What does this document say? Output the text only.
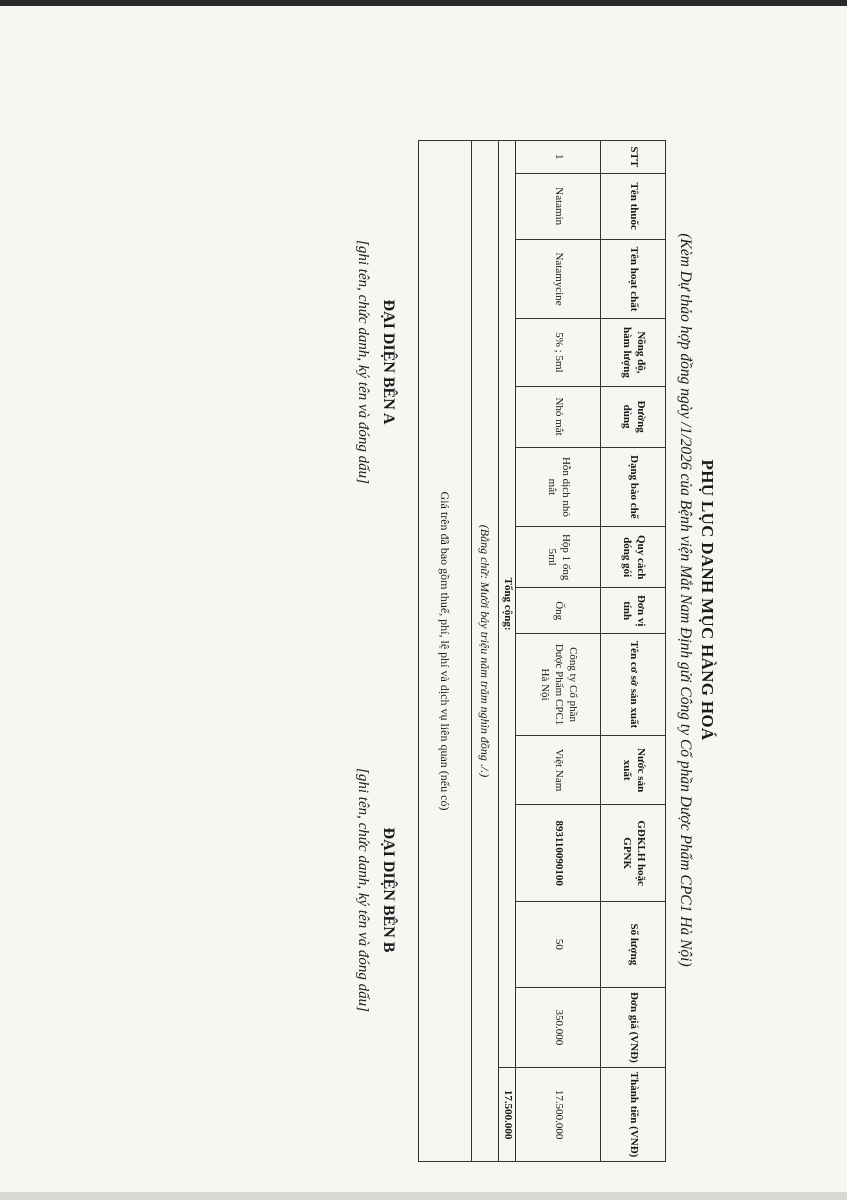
PHỤ LỤC DANH MỤC HÀNG HOÁ
(Kèm Dự thảo hợp đồng ngày /1/2026 của Bệnh viện Mắt Nam Định gửi Công ty Cổ phần Dược Phẩm CPC1 Hà Nội)
STT	Tên thuốc	Tên hoạt chất	Nồng độ, hàm lượng	Đường dùng	Dạng bào chế	Quy cách đóng gói	Đơn vị tính	Tên cơ sở sản xuất	Nước sản xuất	GĐKLH hoặc GPNK	Số lượng	Đơn giá (VNĐ)	Thành tiền (VNĐ)
1	Natamin	Natamycine	5% ; 5ml	Nhỏ mắt	Hỗn dịch nhỏ mắt	Hộp 1 ống 5ml	Ống	Công ty Cổ phần Dược Phẩm CPC1 Hà Nội	Việt Nam	893110090100	50	350.000	17.500.000
Tổng cộng:													17.500.000
(Bằng chữ: Mười bảy triệu năm trăm nghìn đồng ./.)													
Giá trên đã bao gồm thuế, phí, lệ phí và dịch vụ liên quan (nếu có)													
ĐẠI DIỆN BÊN A
[ghi tên, chức danh, ký tên và đóng dấu]
ĐẠI DIỆN BÊN B
[ghi tên, chức danh, ký tên và đóng dấu]
